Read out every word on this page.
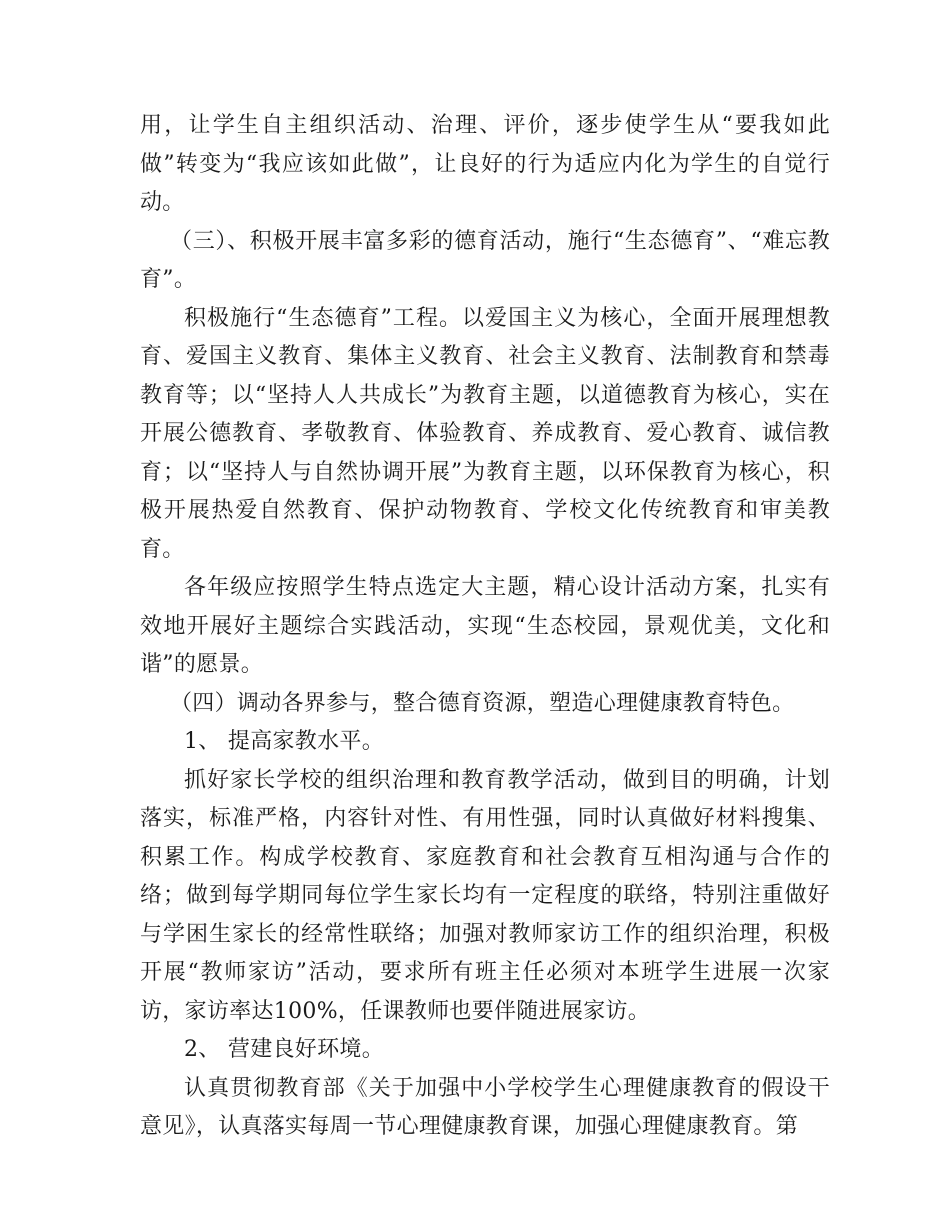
用，让学生自主组织活动、治理、评价，逐步使学生从“要我如此做”转变为“我应该如此做”，让良好的行为适应内化为学生的自觉行动。

（三）、积极开展丰富多彩的德育活动，施行“生态德育”、“难忘教育”。

积极施行“生态德育”工程。以爱国主义为核心，全面开展理想教育、爱国主义教育、集体主义教育、社会主义教育、法制教育和禁毒教育等；以“坚持人人共成长”为教育主题，以道德教育为核心，实在开展公德教育、孝敬教育、体验教育、养成教育、爱心教育、诚信教育；以“坚持人与自然协调开展”为教育主题，以环保教育为核心，积极开展热爱自然教育、保护动物教育、学校文化传统教育和审美教育。

各年级应按照学生特点选定大主题，精心设计活动方案，扎实有效地开展好主题综合实践活动，实现“生态校园，景观优美，文化和谐”的愿景。

（四）调动各界参与，整合德育资源，塑造心理健康教育特色。

1、 提高家教水平。

抓好家长学校的组织治理和教育教学活动，做到目的明确，计划落实，标准严格，内容针对性、有用性强，同时认真做好材料搜集、积累工作。构成学校教育、家庭教育和社会教育互相沟通与合作的络；做到每学期同每位学生家长均有一定程度的联络，特别注重做好与学困生家长的经常性联络；加强对教师家访工作的组织治理，积极开展“教师家访”活动，要求所有班主任必须对本班学生进展一次家访，家访率达100%，任课教师也要伴随进展家访。

2、 营建良好环境。

认真贯彻教育部《关于加强中小学校学生心理健康教育的假设干意见》，认真落实每周一节心理健康教育课，加强心理健康教育。第
